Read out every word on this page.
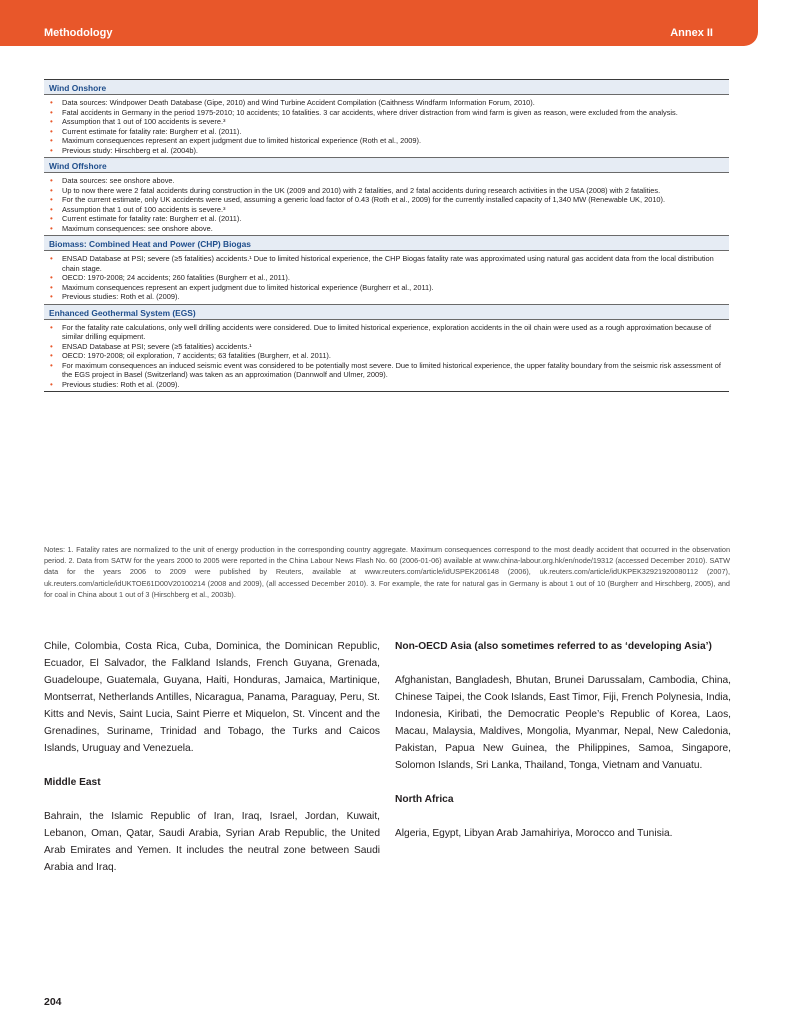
Methodology	Annex II
Wind Onshore
• Data sources: Windpower Death Database (Gipe, 2010) and Wind Turbine Accident Compilation (Caithness Windfarm Information Forum, 2010).
• Fatal accidents in Germany in the period 1975-2010; 10 accidents; 10 fatalities. 3 car accidents, where driver distraction from wind farm is given as reason, were excluded from the analysis.
• Assumption that 1 out of 100 accidents is severe.³
• Current estimate for fatality rate: Burgherr et al. (2011).
• Maximum consequences represent an expert judgment due to limited historical experience (Roth et al., 2009).
• Previous study: Hirschberg et al. (2004b).
Wind Offshore
• Data sources: see onshore above.
• Up to now there were 2 fatal accidents during construction in the UK (2009 and 2010) with 2 fatalities, and 2 fatal accidents during research activities in the USA (2008) with 2 fatalities.
• For the current estimate, only UK accidents were used, assuming a generic load factor of 0.43 (Roth et al., 2009) for the currently installed capacity of 1,340 MW (Renewable UK, 2010).
• Assumption that 1 out of 100 accidents is severe.³
• Current estimate for fatality rate: Burgherr et al. (2011).
• Maximum consequences: see onshore above.
Biomass: Combined Heat and Power (CHP) Biogas
• ENSAD Database at PSI; severe (≥5 fatalities) accidents.¹ Due to limited historical experience, the CHP Biogas fatality rate was approximated using natural gas accident data from the local distribution chain stage.
• OECD: 1970-2008; 24 accidents; 260 fatalities (Burgherr et al., 2011).
• Maximum consequences represent an expert judgment due to limited historical experience (Burgherr et al., 2011).
• Previous studies: Roth et al. (2009).
Enhanced Geothermal System (EGS)
• For the fatality rate calculations, only well drilling accidents were considered. Due to limited historical experience, exploration accidents in the oil chain were used as a rough approximation because of similar drilling equipment.
• ENSAD Database at PSI; severe (≥5 fatalities) accidents.¹
• OECD: 1970-2008; oil exploration, 7 accidents; 63 fatalities (Burgherr, et al. 2011).
• For maximum consequences an induced seismic event was considered to be potentially most severe. Due to limited historical experience, the upper fatality boundary from the seismic risk assessment of the EGS project in Basel (Switzerland) was taken as an approximation (Dannwolf and Ulmer, 2009).
• Previous studies: Roth et al. (2009).

Notes: 1. Fatality rates are normalized to the unit of energy production in the corresponding country aggregate. Maximum consequences correspond to the most deadly accident that occurred in the observation period. 2. Data from SATW for the years 2000 to 2005 were reported in the China Labour News Flash No. 60 (2006-01-06) available at www.china-labour.org.hk/en/node/19312 (accessed December 2010). SATW data for the years 2006 to 2009 were published by Reuters, available at www.reuters.com/article/idUSPEK206148 (2006), uk.reuters.com/article/idUKPEK32921920080112 (2007), uk.reuters.com/article/idUKTOE61D00V20100214 (2008 and 2009), (all accessed December 2010). 3. For example, the rate for natural gas in Germany is about 1 out of 10 (Burgherr and Hirschberg, 2005), and for coal in China about 1 out of 3 (Hirschberg et al., 2003b).

Chile, Colombia, Costa Rica, Cuba, Dominica, the Dominican Republic, Ecuador, El Salvador, the Falkland Islands, French Guyana, Grenada, Guadeloupe, Guatemala, Guyana, Haiti, Honduras, Jamaica, Martinique, Montserrat, Netherlands Antilles, Nicaragua, Panama, Paraguay, Peru, St. Kitts and Nevis, Saint Lucia, Saint Pierre et Miquelon, St. Vincent and the Grenadines, Suriname, Trinidad and Tobago, the Turks and Caicos Islands, Uruguay and Venezuela.

Middle East

Bahrain, the Islamic Republic of Iran, Iraq, Israel, Jordan, Kuwait, Lebanon, Oman, Qatar, Saudi Arabia, Syrian Arab Republic, the United Arab Emirates and Yemen. It includes the neutral zone between Saudi Arabia and Iraq.

Non-OECD Asia (also sometimes referred to as ‘developing Asia’)

Afghanistan, Bangladesh, Bhutan, Brunei Darussalam, Cambodia, China, Chinese Taipei, the Cook Islands, East Timor, Fiji, French Polynesia, India, Indonesia, Kiribati, the Democratic People’s Republic of Korea, Laos, Macau, Malaysia, Maldives, Mongolia, Myanmar, Nepal, New Caledonia, Pakistan, Papua New Guinea, the Philippines, Samoa, Singapore, Solomon Islands, Sri Lanka, Thailand, Tonga, Vietnam and Vanuatu.

North Africa

Algeria, Egypt, Libyan Arab Jamahiriya, Morocco and Tunisia.

204
